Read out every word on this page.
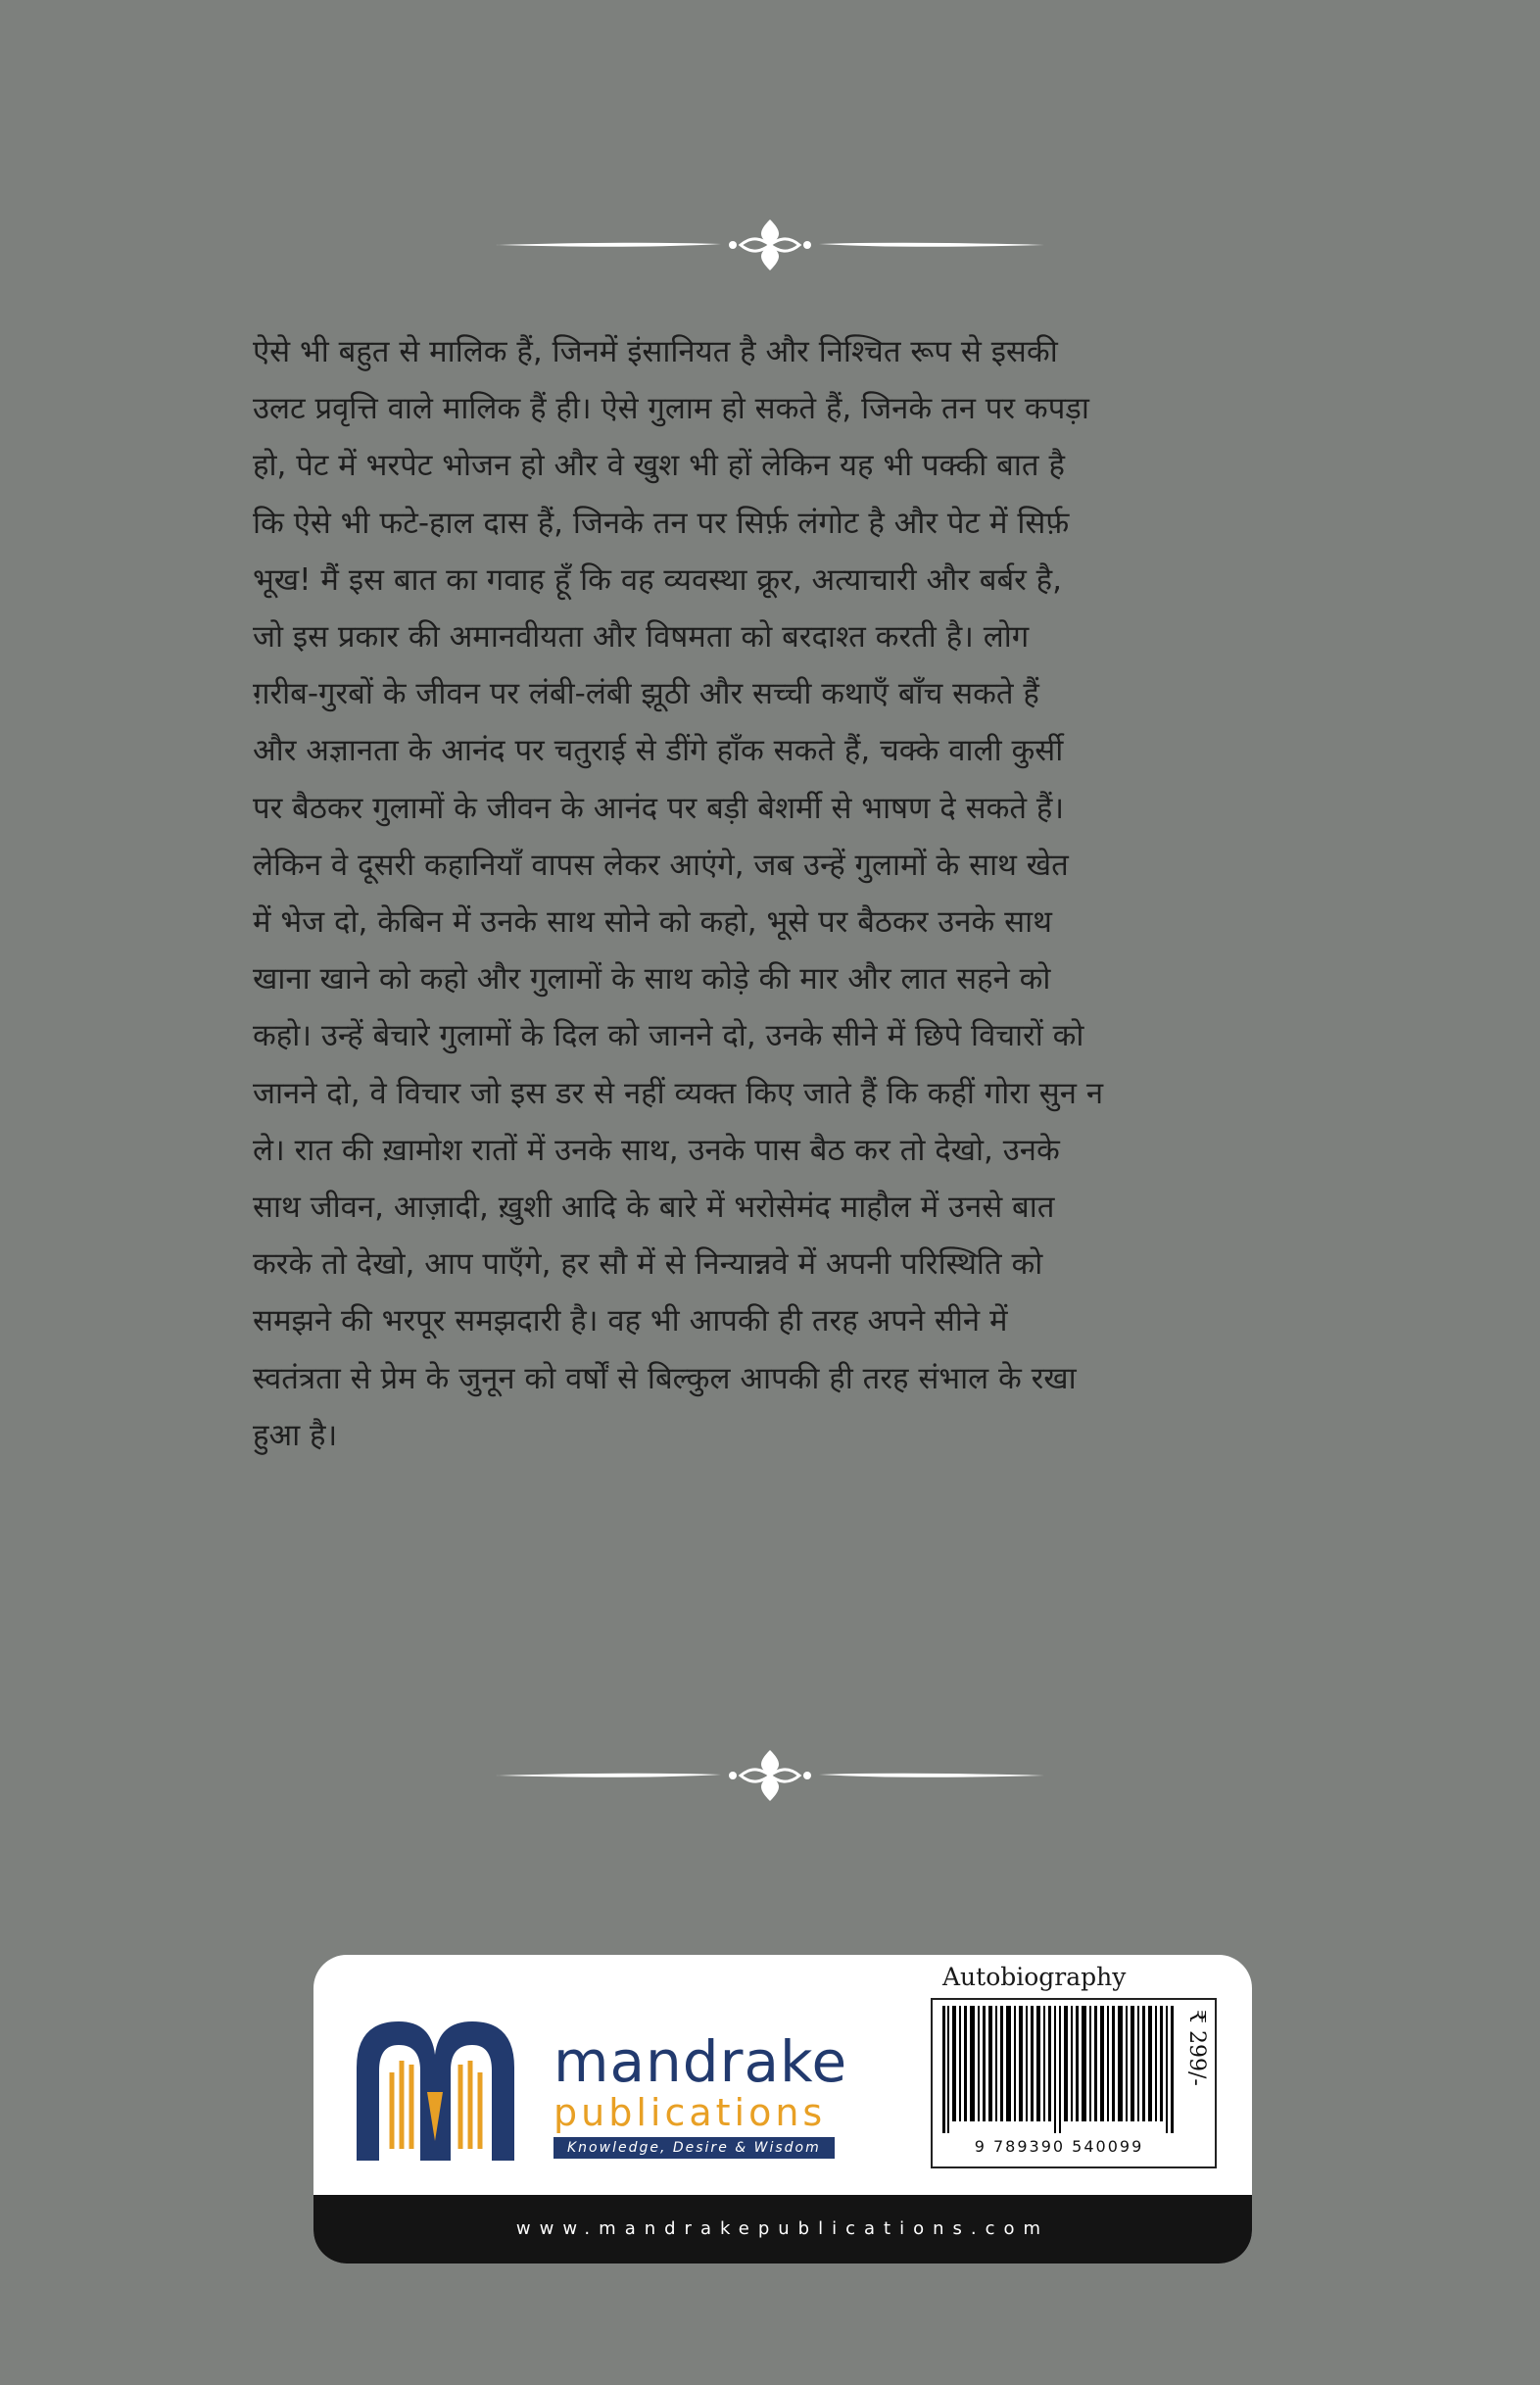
ऐसे भी बहुत से मालिक हैं, जिनमें इंसानियत है और निश्चित रूप से इसकी
उलट प्रवृत्ति वाले मालिक हैं ही। ऐसे गुलाम हो सकते हैं, जिनके तन पर कपड़ा
हो, पेट में भरपेट भोजन हो और वे खुश भी हों लेकिन यह भी पक्की बात है
कि ऐसे भी फटे-हाल दास हैं, जिनके तन पर सिर्फ़ लंगोट है और पेट में सिर्फ़
भूख! मैं इस बात का गवाह हूँ कि वह व्यवस्था क्रूर, अत्याचारी और बर्बर है,
जो इस प्रकार की अमानवीयता और विषमता को बरदाश्त करती है। लोग
ग़रीब-गुरबों के जीवन पर लंबी-लंबी झूठी और सच्ची कथाएँ बाँच सकते हैं
और अज्ञानता के आनंद पर चतुराई से डींगे हाँक सकते हैं, चक्के वाली कुर्सी
पर बैठकर गुलामों के जीवन के आनंद पर बड़ी बेशर्मी से भाषण दे सकते हैं।
लेकिन वे दूसरी कहानियाँ वापस लेकर आएंगे, जब उन्हें गुलामों के साथ खेत
में भेज दो, केबिन में उनके साथ सोने को कहो, भूसे पर बैठकर उनके साथ
खाना खाने को कहो और गुलामों के साथ कोड़े की मार और लात सहने को
कहो। उन्हें बेचारे गुलामों के दिल को जानने दो, उनके सीने में छिपे विचारों को
जानने दो, वे विचार जो इस डर से नहीं व्यक्त किए जाते हैं कि कहीं गोरा सुन न
ले। रात की ख़ामोश रातों में उनके साथ, उनके पास बैठ कर तो देखो, उनके
साथ जीवन, आज़ादी, ख़ुशी आदि के बारे में भरोसेमंद माहौल में उनसे बात
करके तो देखो, आप पाएँगे, हर सौ में से निन्यान्नवे में अपनी परिस्थिति को
समझने की भरपूर समझदारी है। वह भी आपकी ही तरह अपने सीने में
स्वतंत्रता से प्रेम के जुनून को वर्षों से बिल्कुल आपकी ही तरह संभाल के रखा
हुआ है।

mandrake
publications
Knowledge, Desire & Wisdom
Autobiography
9 789390 540099
₹ 299/-
www.mandrakepublications.com
